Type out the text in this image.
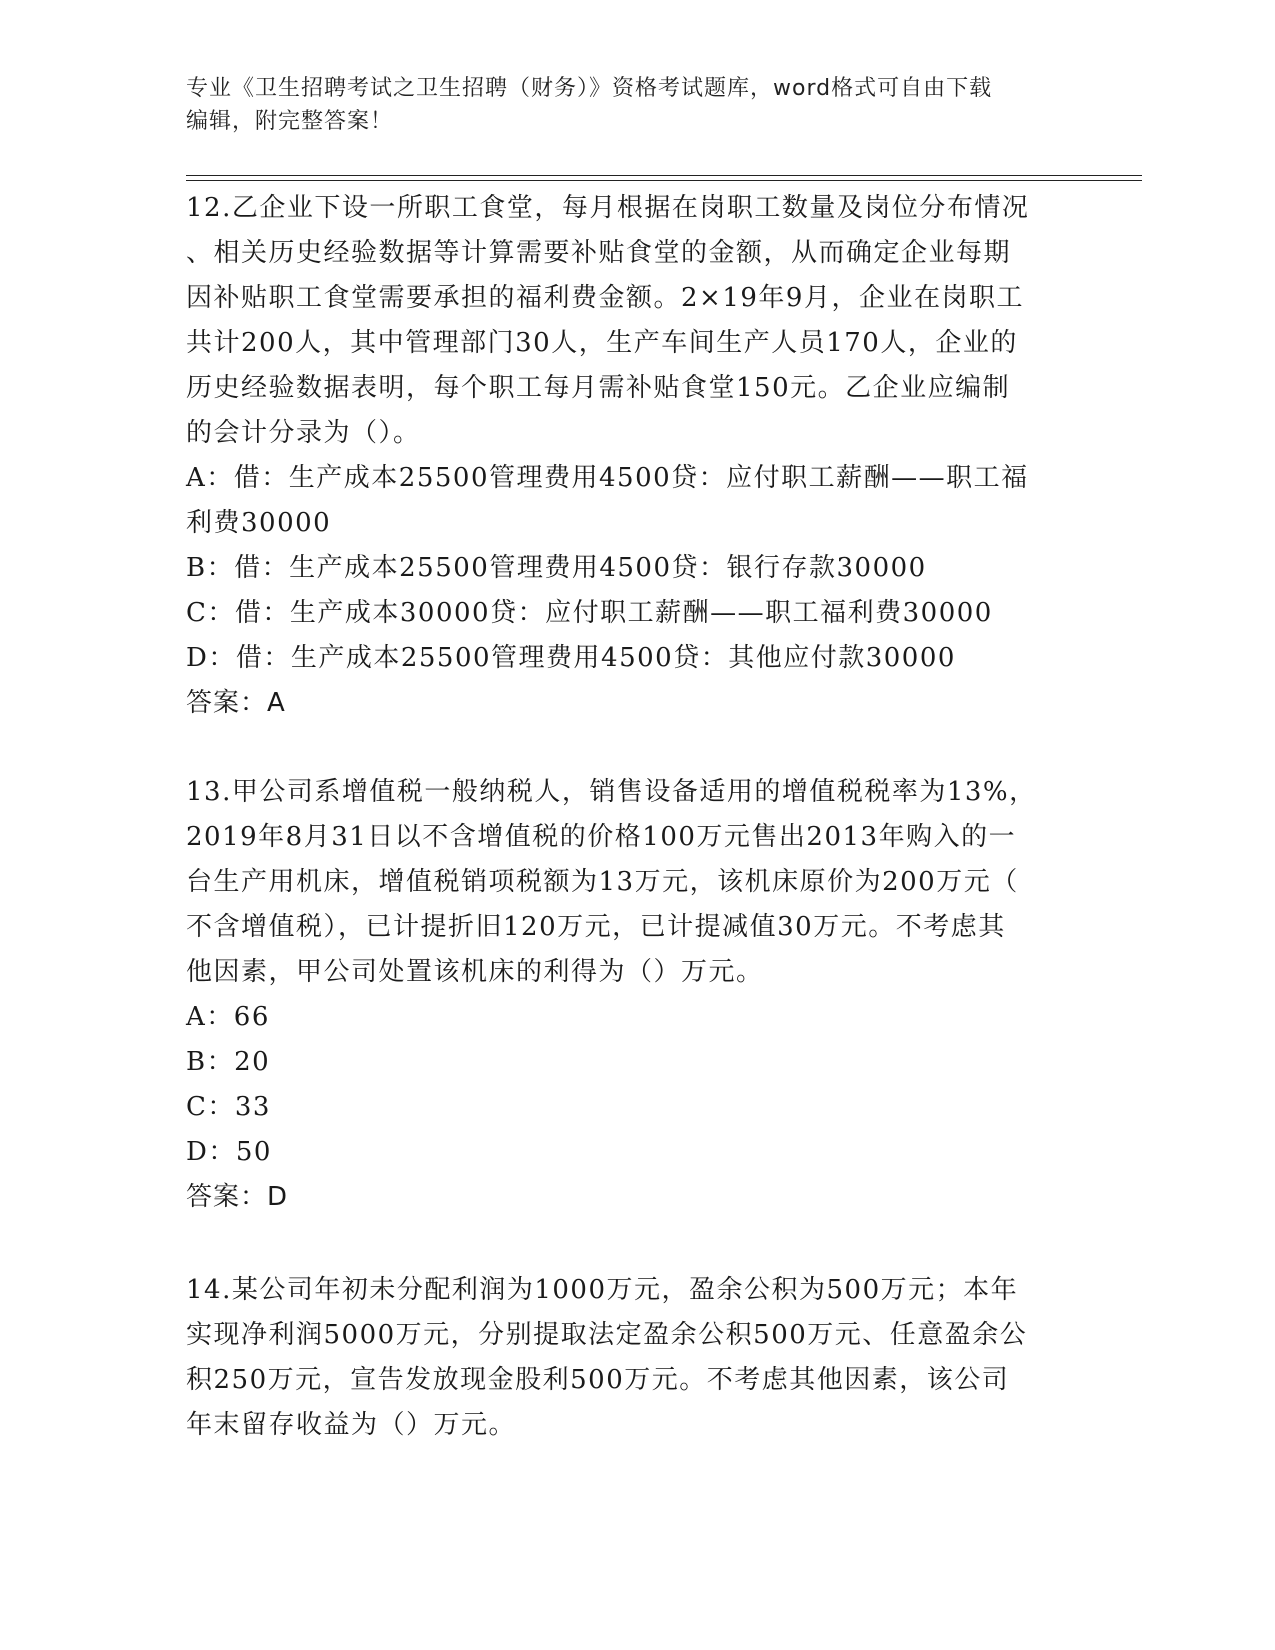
专业《卫生招聘考试之卫生招聘（财务）》资格考试题库，word格式可自由下载
编辑，附完整答案！

12.乙企业下设一所职工食堂，每月根据在岗职工数量及岗位分布情况
、相关历史经验数据等计算需要补贴食堂的金额，从而确定企业每期
因补贴职工食堂需要承担的福利费金额。2×19年9月，企业在岗职工
共计200人，其中管理部门30人，生产车间生产人员170人，企业的
历史经验数据表明，每个职工每月需补贴食堂150元。乙企业应编制
的会计分录为（）。

A：借：生产成本25500管理费用4500贷：应付职工薪酬——职工福
利费30000

B：借：生产成本25500管理费用4500贷：银行存款30000

C：借：生产成本30000贷：应付职工薪酬——职工福利费30000

D：借：生产成本25500管理费用4500贷：其他应付款30000

答案：A

13.甲公司系增值税一般纳税人，销售设备适用的增值税税率为13%，
2019年8月31日以不含增值税的价格100万元售出2013年购入的一
台生产用机床，增值税销项税额为13万元，该机床原价为200万元（
不含增值税），已计提折旧120万元，已计提减值30万元。不考虑其
他因素，甲公司处置该机床的利得为（）万元。

A：66

B：20

C：33

D：50

答案：D

14.某公司年初未分配利润为1000万元，盈余公积为500万元；本年
实现净利润5000万元，分别提取法定盈余公积500万元、任意盈余公
积250万元，宣告发放现金股利500万元。不考虑其他因素，该公司
年末留存收益为（）万元。
